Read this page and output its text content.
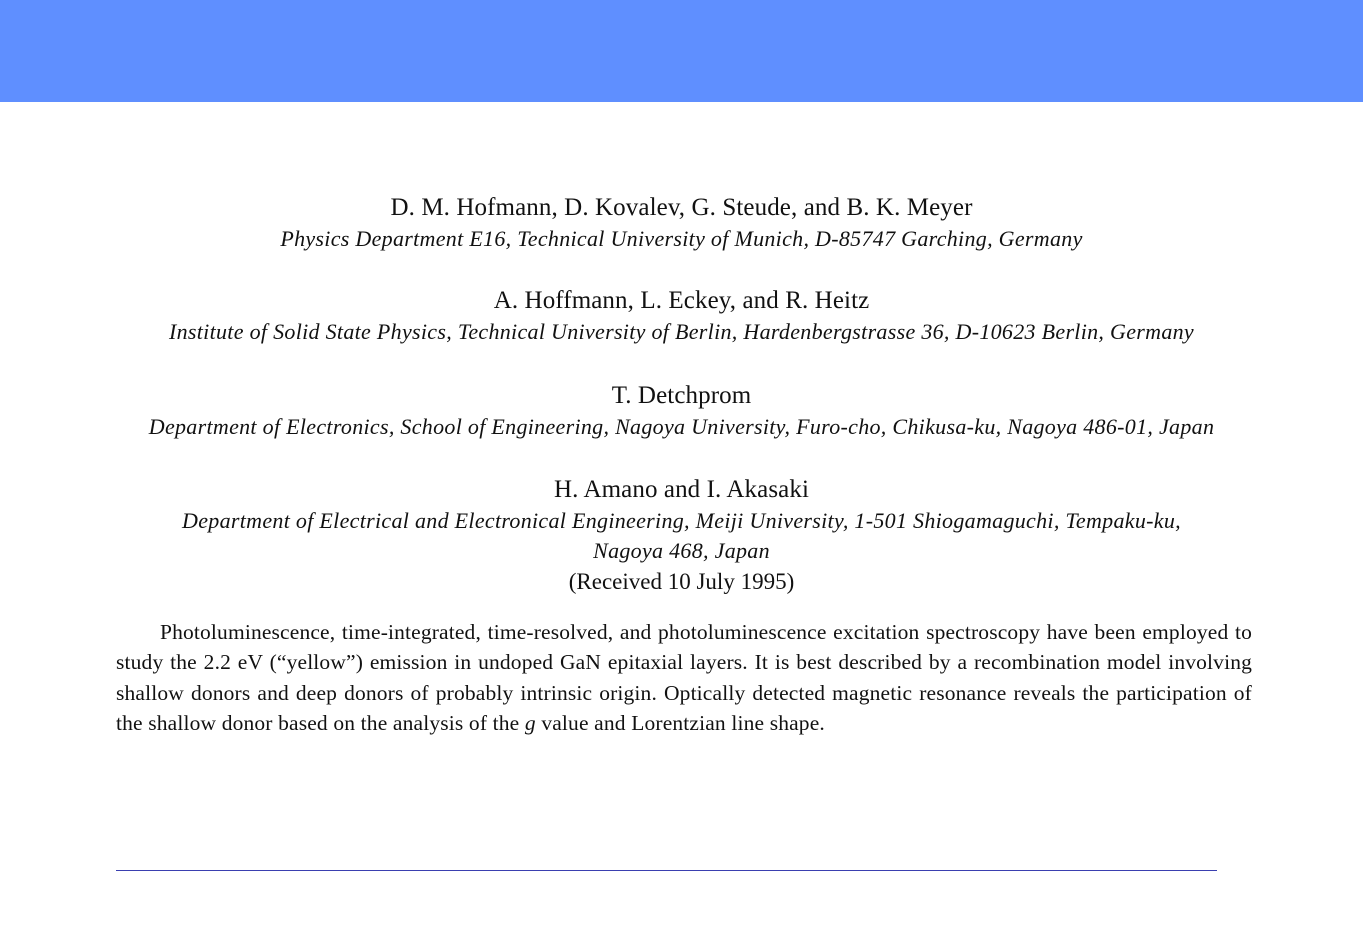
D. M. Hofmann, D. Kovalev, G. Steude, and B. K. Meyer
Physics Department E16, Technical University of Munich, D-85747 Garching, Germany
A. Hoffmann, L. Eckey, and R. Heitz
Institute of Solid State Physics, Technical University of Berlin, Hardenbergstrasse 36, D-10623 Berlin, Germany
T. Detchprom
Department of Electronics, School of Engineering, Nagoya University, Furo-cho, Chikusa-ku, Nagoya 486-01, Japan
H. Amano and I. Akasaki
Department of Electrical and Electronical Engineering, Meiji University, 1-501 Shiogamaguchi, Tempaku-ku,
Nagoya 468, Japan
(Received 10 July 1995)

Photoluminescence, time-integrated, time-resolved, and photoluminescence excitation spectroscopy have been employed to study the 2.2 eV (“yellow”) emission in undoped GaN epitaxial layers. It is best described by a recombination model involving shallow donors and deep donors of probably intrinsic origin. Optically detected magnetic resonance reveals the participation of the shallow donor based on the analysis of the g value and Lorentzian line shape.
